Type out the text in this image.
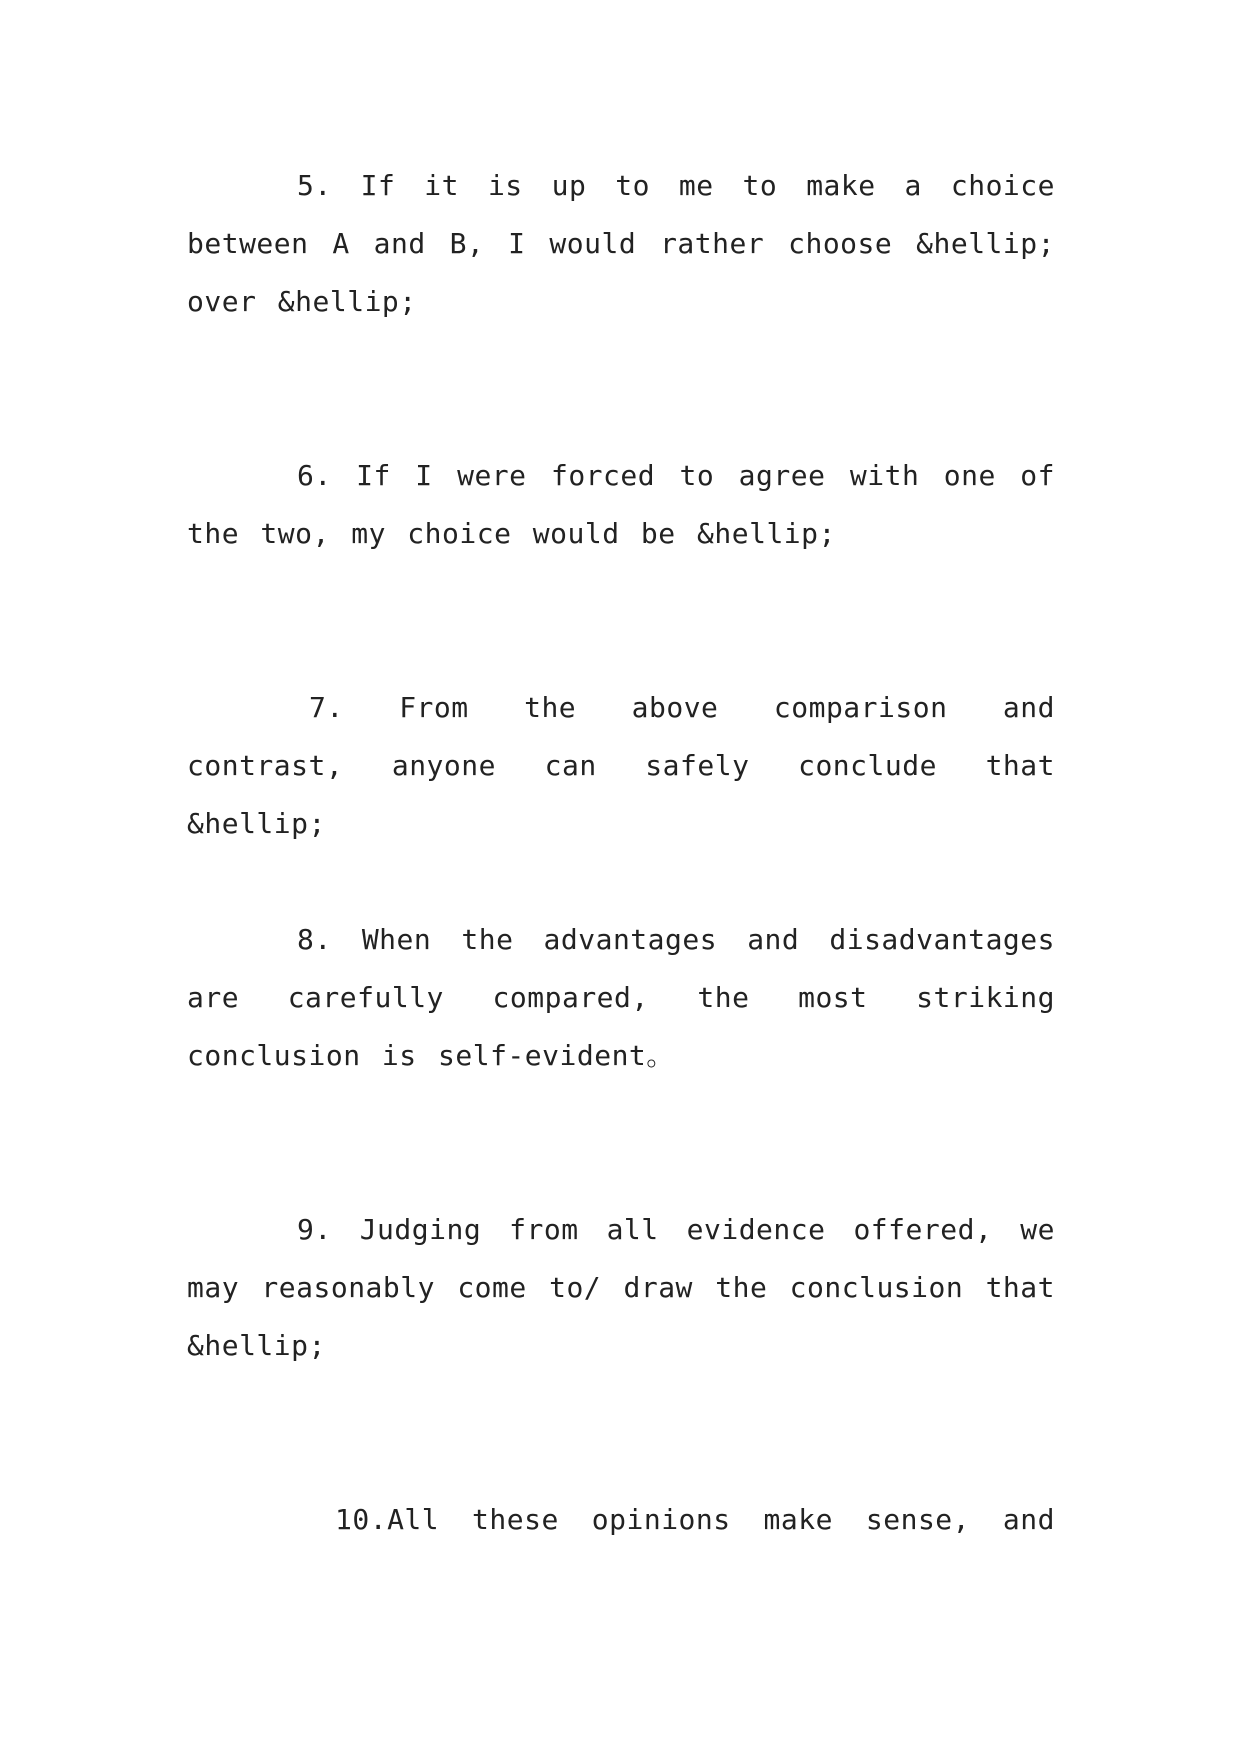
5. If it is up to me to make a choice between A and B, I would rather choose &hellip; over &hellip;

6. If I were forced to agree with one of the two, my choice would be &hellip;

7. From the above comparison and contrast, anyone can safely conclude that &hellip;

8. When the advantages and disadvantages are carefully compared, the most striking conclusion is self-evident。

9. Judging from all evidence offered, we may reasonably come to/ draw the conclusion that &hellip;

10.All these opinions make sense, and
